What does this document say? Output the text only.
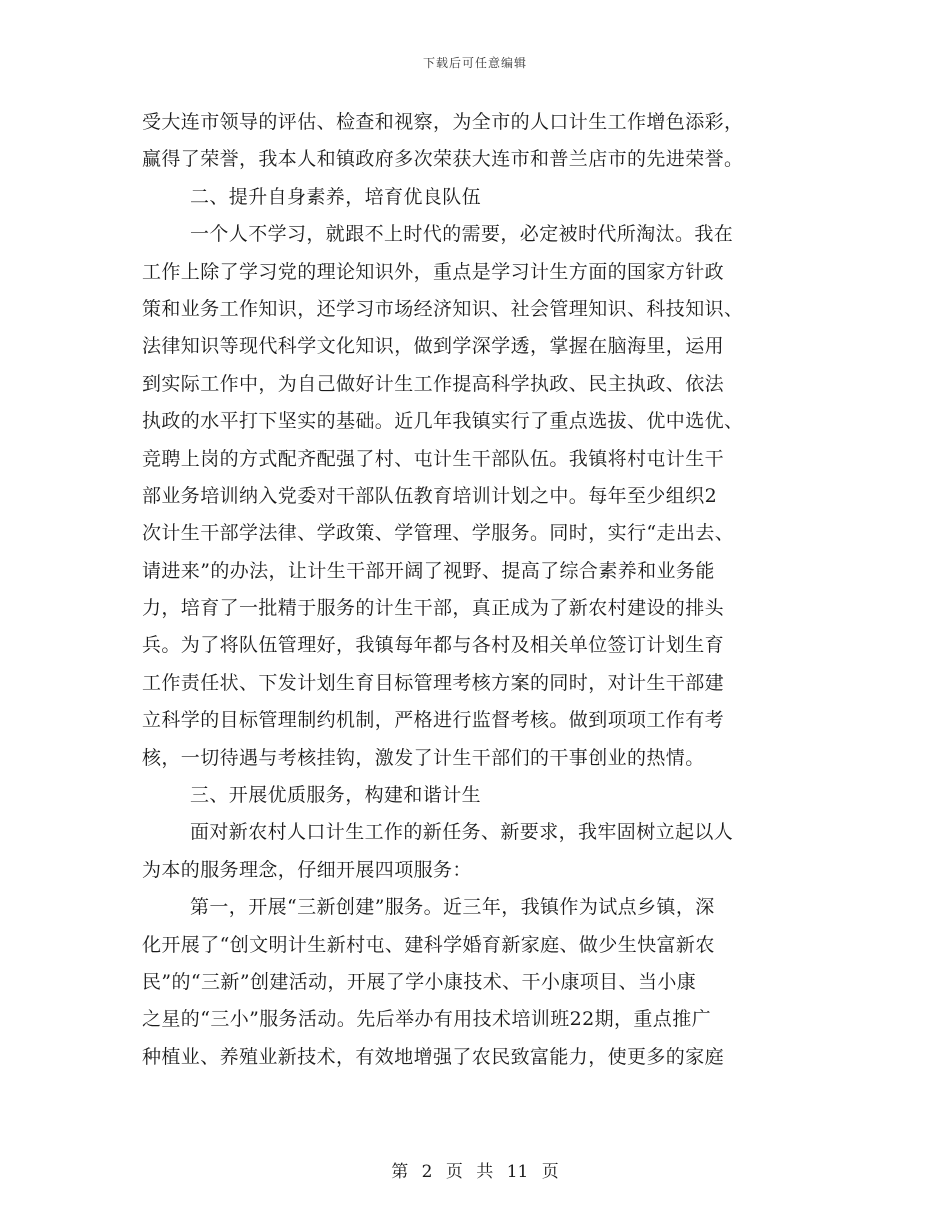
下载后可任意编辑
受大连市领导的评估、检查和视察，为全市的人口计生工作增色添彩，
赢得了荣誉，我本人和镇政府多次荣获大连市和普兰店市的先进荣誉。
二、提升自身素养，培育优良队伍
一个人不学习，就跟不上时代的需要，必定被时代所淘汰。我在
工作上除了学习党的理论知识外，重点是学习计生方面的国家方针政
策和业务工作知识，还学习市场经济知识、社会管理知识、科技知识、
法律知识等现代科学文化知识，做到学深学透，掌握在脑海里，运用
到实际工作中，为自己做好计生工作提高科学执政、民主执政、依法
执政的水平打下坚实的基础。近几年我镇实行了重点选拔、优中选优、
竞聘上岗的方式配齐配强了村、屯计生干部队伍。我镇将村屯计生干
部业务培训纳入党委对干部队伍教育培训计划之中。每年至少组织2
次计生干部学法律、学政策、学管理、学服务。同时，实行“走出去、
请进来”的办法，让计生干部开阔了视野、提高了综合素养和业务能
力，培育了一批精于服务的计生干部，真正成为了新农村建设的排头
兵。为了将队伍管理好，我镇每年都与各村及相关单位签订计划生育
工作责任状、下发计划生育目标管理考核方案的同时，对计生干部建
立科学的目标管理制约机制，严格进行监督考核。做到项项工作有考
核，一切待遇与考核挂钩，激发了计生干部们的干事创业的热情。
三、开展优质服务，构建和谐计生
面对新农村人口计生工作的新任务、新要求，我牢固树立起以人
为本的服务理念，仔细开展四项服务：
第一，开展“三新创建”服务。近三年，我镇作为试点乡镇，深
化开展了“创文明计生新村屯、建科学婚育新家庭、做少生快富新农
民”的“三新”创建活动，开展了学小康技术、干小康项目、当小康
之星的“三小”服务活动。先后举办有用技术培训班22期，重点推广
种植业、养殖业新技术，有效地增强了农民致富能力，使更多的家庭
第 2 页 共 11 页
